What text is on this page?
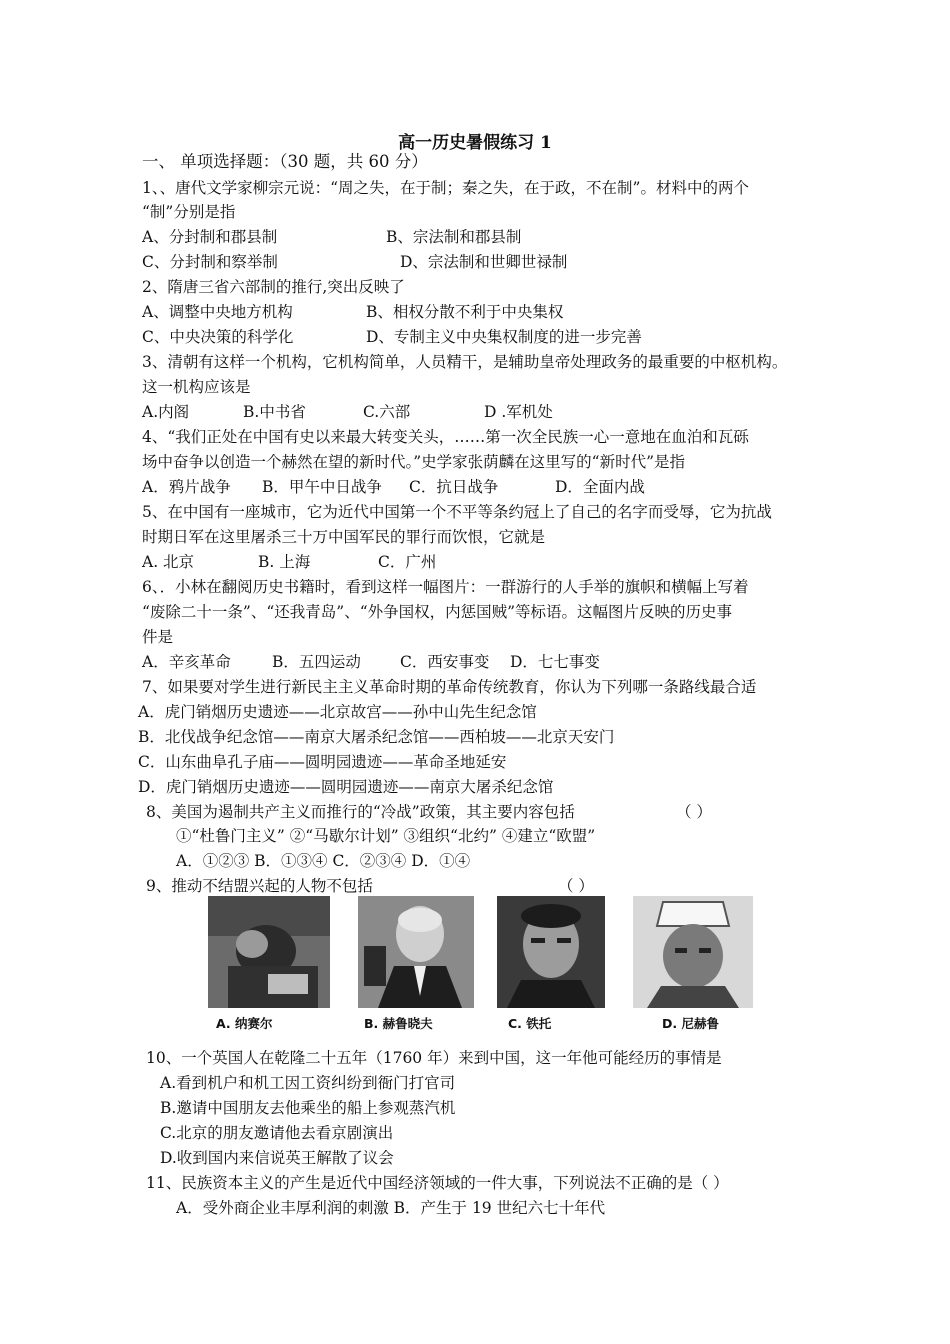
高一历史暑假练习 1
一、 单项选择题：（30 题，共 60 分）
1、、唐代文学家柳宗元说：“周之失，在于制；秦之失，在于政，不在制”。材料中的两个
“制”分别是指
A、分封制和郡县制	B、宗法制和郡县制
C、分封制和察举制	D、宗法制和世卿世禄制
2、隋唐三省六部制的推行,突出反映了
A、调整中央地方机构	B、相权分散不利于中央集权
C、中央决策的科学化	D、专制主义中央集权制度的进一步完善
3、清朝有这样一个机构，它机构简单，人员精干，是辅助皇帝处理政务的最重要的中枢机构。
这一机构应该是
A.内阁	B.中书省	C.六部	D .军机处
4、“我们正处在中国有史以来最大转变关头，……第一次全民族一心一意地在血泊和瓦砾
场中奋争以创造一个赫然在望的新时代。”史学家张荫麟在这里写的“新时代”是指
A．鸦片战争 B．甲午中日战争 C．抗日战争	D．全面内战
5、在中国有一座城市，它为近代中国第一个不平等条约冠上了自己的名字而受辱，它为抗战
时期日军在这里屠杀三十万中国军民的罪行而饮恨，它就是
A. 北京	B. 上海	C．广州
6、．小林在翻阅历史书籍时，看到这样一幅图片：一群游行的人手举的旗帜和横幅上写着
“废除二十一条”、“还我青岛”、“外争国权，内惩国贼”等标语。这幅图片反映的历史事
件是
A．辛亥革命	B．五四运动	C．西安事变 D．七七事变
7、如果要对学生进行新民主主义革命时期的革命传统教育，你认为下列哪一条路线最合适
A．虎门销烟历史遗迹——北京故宫——孙中山先生纪念馆
B．北伐战争纪念馆——南京大屠杀纪念馆——西柏坡——北京天安门
C．山东曲阜孔子庙——圆明园遗迹——革命圣地延安
D．虎门销烟历史遗迹——圆明园遗迹——南京大屠杀纪念馆
8、美国为遏制共产主义而推行的“冷战”政策，其主要内容包括	（ ）
①“杜鲁门主义” ②“马歇尔计划” ③组织“北约” ④建立“欧盟”
A．①②③ B．①③④ C．②③④ D．①④
9、推动不结盟兴起的人物不包括	（ ）
A. 纳赛尔	B. 赫鲁晓夫	C. 铁托	D. 尼赫鲁
10、一个英国人在乾隆二十五年（1760 年）来到中国，这一年他可能经历的事情是
A.看到机户和机工因工资纠纷到衙门打官司
B.邀请中国朋友去他乘坐的船上参观蒸汽机
C.北京的朋友邀请他去看京剧演出
D.收到国内来信说英王解散了议会
11、民族资本主义的产生是近代中国经济领域的一件大事，下列说法不正确的是（ ）
A．受外商企业丰厚利润的刺激 B．产生于 19 世纪六七十年代
